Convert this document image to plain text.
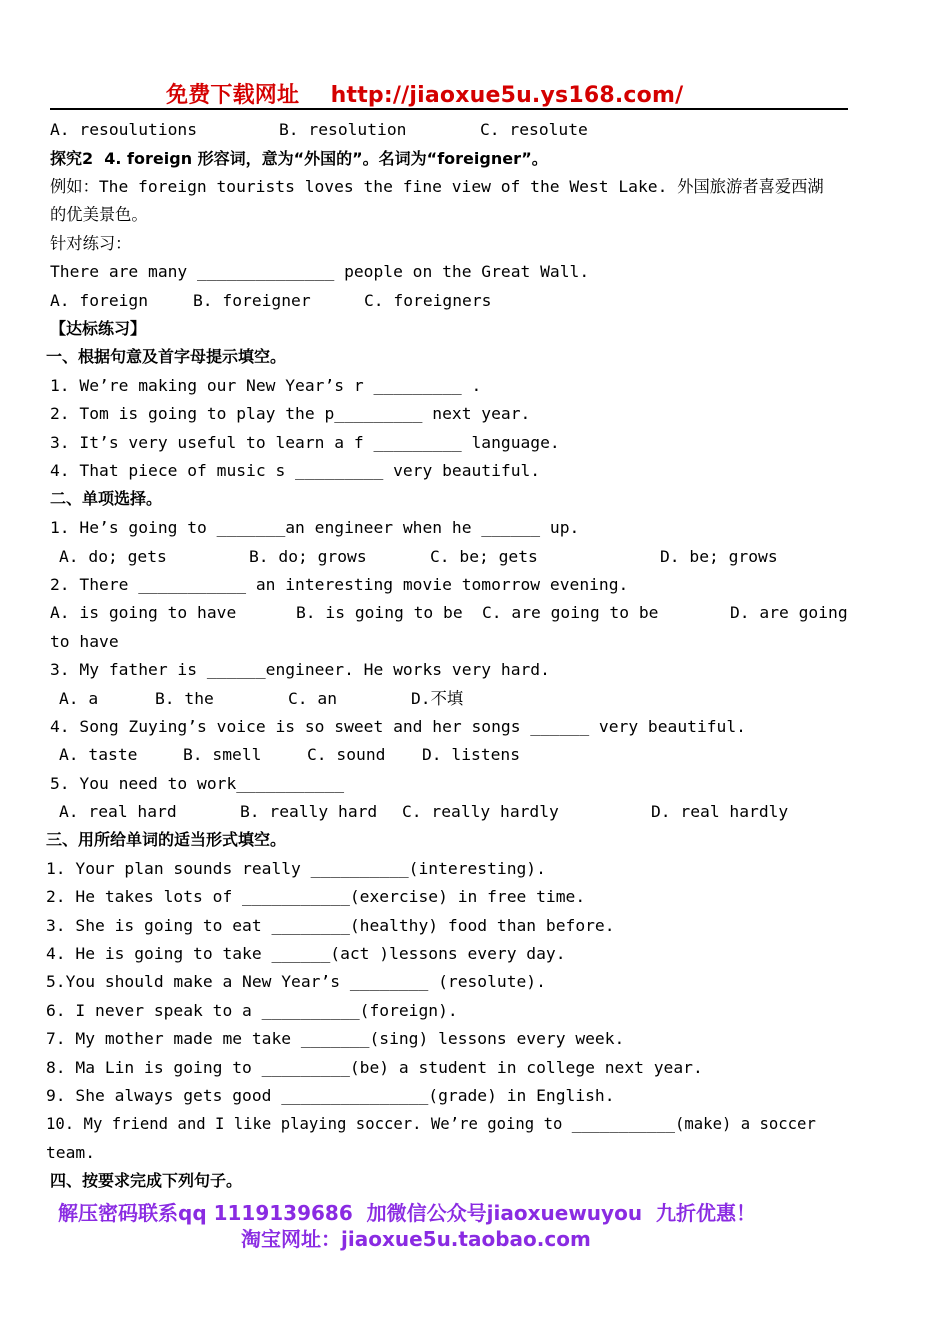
免费下载网址    http://jiaoxue5u.ys168.com/
A. resoulutions	B. resolution	C. resolute
探究2  4. foreign 形容词，意为“外国的”。名词为“foreigner”。
例如：The foreign tourists loves the fine view of the West Lake. 外国旅游者喜爱西湖
的优美景色。
针对练习：
There are many ______________ people on the Great Wall.
A. foreign	B. foreigner	C. foreigners
【达标练习】
一、根据句意及首字母提示填空。
1. We’re making our New Year’s r _________ .
2. Tom is going to play the p_________ next year.
3. It’s very useful to learn a f _________ language.
4. That piece of music s _________ very beautiful.
二、单项选择。
1. He’s going to _______an engineer when he ______ up.
A. do; gets	B. do; grows	C. be; gets	D. be; grows
2. There ___________ an interesting movie tomorrow evening.
A. is going to have	B. is going to be C. are going to be	D. are going
to have
3. My father is ______engineer. He works very hard.
A. a	B. the	C. an	D.不填
4. Song Zuying’s voice is so sweet and her songs ______ very beautiful.
A. taste	B. smell	C. sound D. listens
5. You need to work___________
A. real hard	B. really hard C. really hardly	D. real hardly
三、用所给单词的适当形式填空。
1. Your plan sounds really __________(interesting).
2. He takes lots of ___________(exercise) in free time.
3. She is going to eat ________(healthy) food than before.
4. He is going to take ______(act )lessons every day.
5.You should make a New Year’s ________ (resolute).
6. I never speak to a __________(foreign).
7. My mother made me take _______(sing) lessons every week.
8. Ma Lin is going to _________(be) a student in college next year.
9. She always gets good _______________(grade) in English.
10. My friend and I like playing soccer. We’re going to ___________(make) a soccer
team.
四、按要求完成下列句子。
解压密码联系qq 1119139686  加微信公众号jiaoxuewuyou  九折优惠！
淘宝网址：jiaoxue5u.taobao.com
